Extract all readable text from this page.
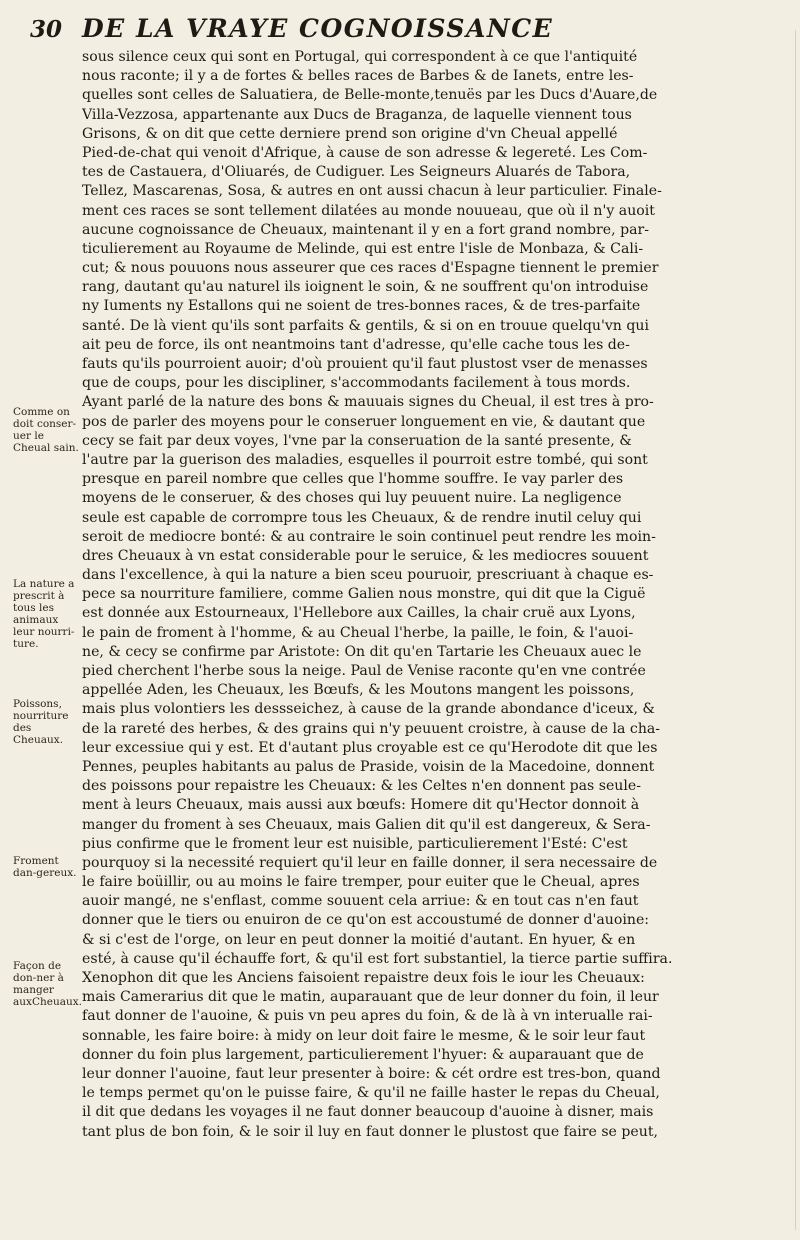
30 DE LA VRAYE COGNOISSANCE
Comme on doit conser-uer le Cheual sain.
La nature a prescrit à tous les animaux leur nourri-ture.
Poissons, nourriture des Cheuaux.
Froment dan-gereux.
Façon de don-ner à manger auxCheuaux.
sous silence ceux qui sont en Portugal, qui correspondent à ce que l'antiquité
nous raconte; il y a de fortes & belles races de Barbes & de Ianets, entre les-
quelles sont celles de Saluatiera, de Belle-monte,tenuës par les Ducs d'Auare,de
Villa-Vezzosa, appartenante aux Ducs de Braganza, de laquelle viennent tous
Grisons, & on dit que cette derniere prend son origine d'vn Cheual appellé
Pied-de-chat qui venoit d'Afrique, à cause de son adresse & legereté. Les Com-
tes de Castauera, d'Oliuarés, de Cudiguer. Les Seigneurs Aluarés de Tabora,
Tellez, Mascarenas, Sosa, & autres en ont aussi chacun à leur particulier. Finale-
ment ces races se sont tellement dilatées au monde nouueau, que où il n'y auoit
aucune cognoissance de Cheuaux, maintenant il y en a fort grand nombre, par-
ticulierement au Royaume de Melinde, qui est entre l'isle de Monbaza, & Cali-
cut; & nous pouuons nous asseurer que ces races d'Espagne tiennent le premier
rang, dautant qu'au naturel ils ioignent le soin, & ne souffrent qu'on introduise
ny Iuments ny Estallons qui ne soient de tres-bonnes races, & de tres-parfaite
santé. De là vient qu'ils sont parfaits & gentils, & si on en trouue quelqu'vn qui
ait peu de force, ils ont neantmoins tant d'adresse, qu'elle cache tous les de-
fauts qu'ils pourroient auoir; d'où prouient qu'il faut plustost vser de menasses
que de coups, pour les discipliner, s'accommodants facilement à tous mords.
Ayant parlé de la nature des bons & mauuais signes du Cheual, il est tres à pro-
pos de parler des moyens pour le conseruer longuement en vie, & dautant que
cecy se fait par deux voyes, l'vne par la conseruation de la santé presente, &
l'autre par la guerison des maladies, esquelles il pourroit estre tombé, qui sont
presque en pareil nombre que celles que l'homme souffre. Ie vay parler des
moyens de le conseruer, & des choses qui luy peuuent nuire. La negligence
seule est capable de corrompre tous les Cheuaux, & de rendre inutil celuy qui
seroit de mediocre bonté: & au contraire le soin continuel peut rendre les moin-
dres Cheuaux à vn estat considerable pour le seruice, & les mediocres souuent
dans l'excellence, à qui la nature a bien sceu pouruoir, prescriuant à chaque es-
pece sa nourriture familiere, comme Galien nous monstre, qui dit que la Ciguë
est donnée aux Estourneaux, l'Hellebore aux Cailles, la chair cruë aux Lyons,
le pain de froment à l'homme, & au Cheual l'herbe, la paille, le foin, & l'auoi-
ne, & cecy se confirme par Aristote: On dit qu'en Tartarie les Cheuaux auec le
pied cherchent l'herbe sous la neige. Paul de Venise raconte qu'en vne contrée
appellée Aden, les Cheuaux, les Bœufs, & les Moutons mangent les poissons,
mais plus volontiers les dessseichez, à cause de la grande abondance d'iceux, &
de la rareté des herbes, & des grains qui n'y peuuent croistre, à cause de la cha-
leur excessiue qui y est. Et d'autant plus croyable est ce qu'Herodote dit que les
Pennes, peuples habitants au palus de Praside, voisin de la Macedoine, donnent
des poissons pour repaistre les Cheuaux: & les Celtes n'en donnent pas seule-
ment à leurs Cheuaux, mais aussi aux bœufs: Homere dit qu'Hector donnoit à
manger du froment à ses Cheuaux, mais Galien dit qu'il est dangereux, & Sera-
pius confirme que le froment leur est nuisible, particulierement l'Esté: C'est
pourquoy si la necessité requiert qu'il leur en faille donner, il sera necessaire de
le faire boüillir, ou au moins le faire tremper, pour euiter que le Cheual, apres
auoir mangé, ne s'enflast, comme souuent cela arriue: & en tout cas n'en faut
donner que le tiers ou enuiron de ce qu'on est accoustumé de donner d'auoine:
& si c'est de l'orge, on leur en peut donner la moitié d'autant. En hyuer, & en
esté, à cause qu'il échauffe fort, & qu'il est fort substantiel, la tierce partie suffira.
Xenophon dit que les Anciens faisoient repaistre deux fois le iour les Cheuaux:
mais Camerarius dit que le matin, auparauant que de leur donner du foin, il leur
faut donner de l'auoine, & puis vn peu apres du foin, & de là à vn interualle rai-
sonnable, les faire boire: à midy on leur doit faire le mesme, & le soir leur faut
donner du foin plus largement, particulierement l'hyuer: & auparauant que de
leur donner l'auoine, faut leur presenter à boire: & cét ordre est tres-bon, quand
le temps permet qu'on le puisse faire, & qu'il ne faille haster le repas du Cheual,
il dit que dedans les voyages il ne faut donner beaucoup d'auoine à disner, mais
tant plus de bon foin, & le soir il luy en faut donner le plustost que faire se peut,
